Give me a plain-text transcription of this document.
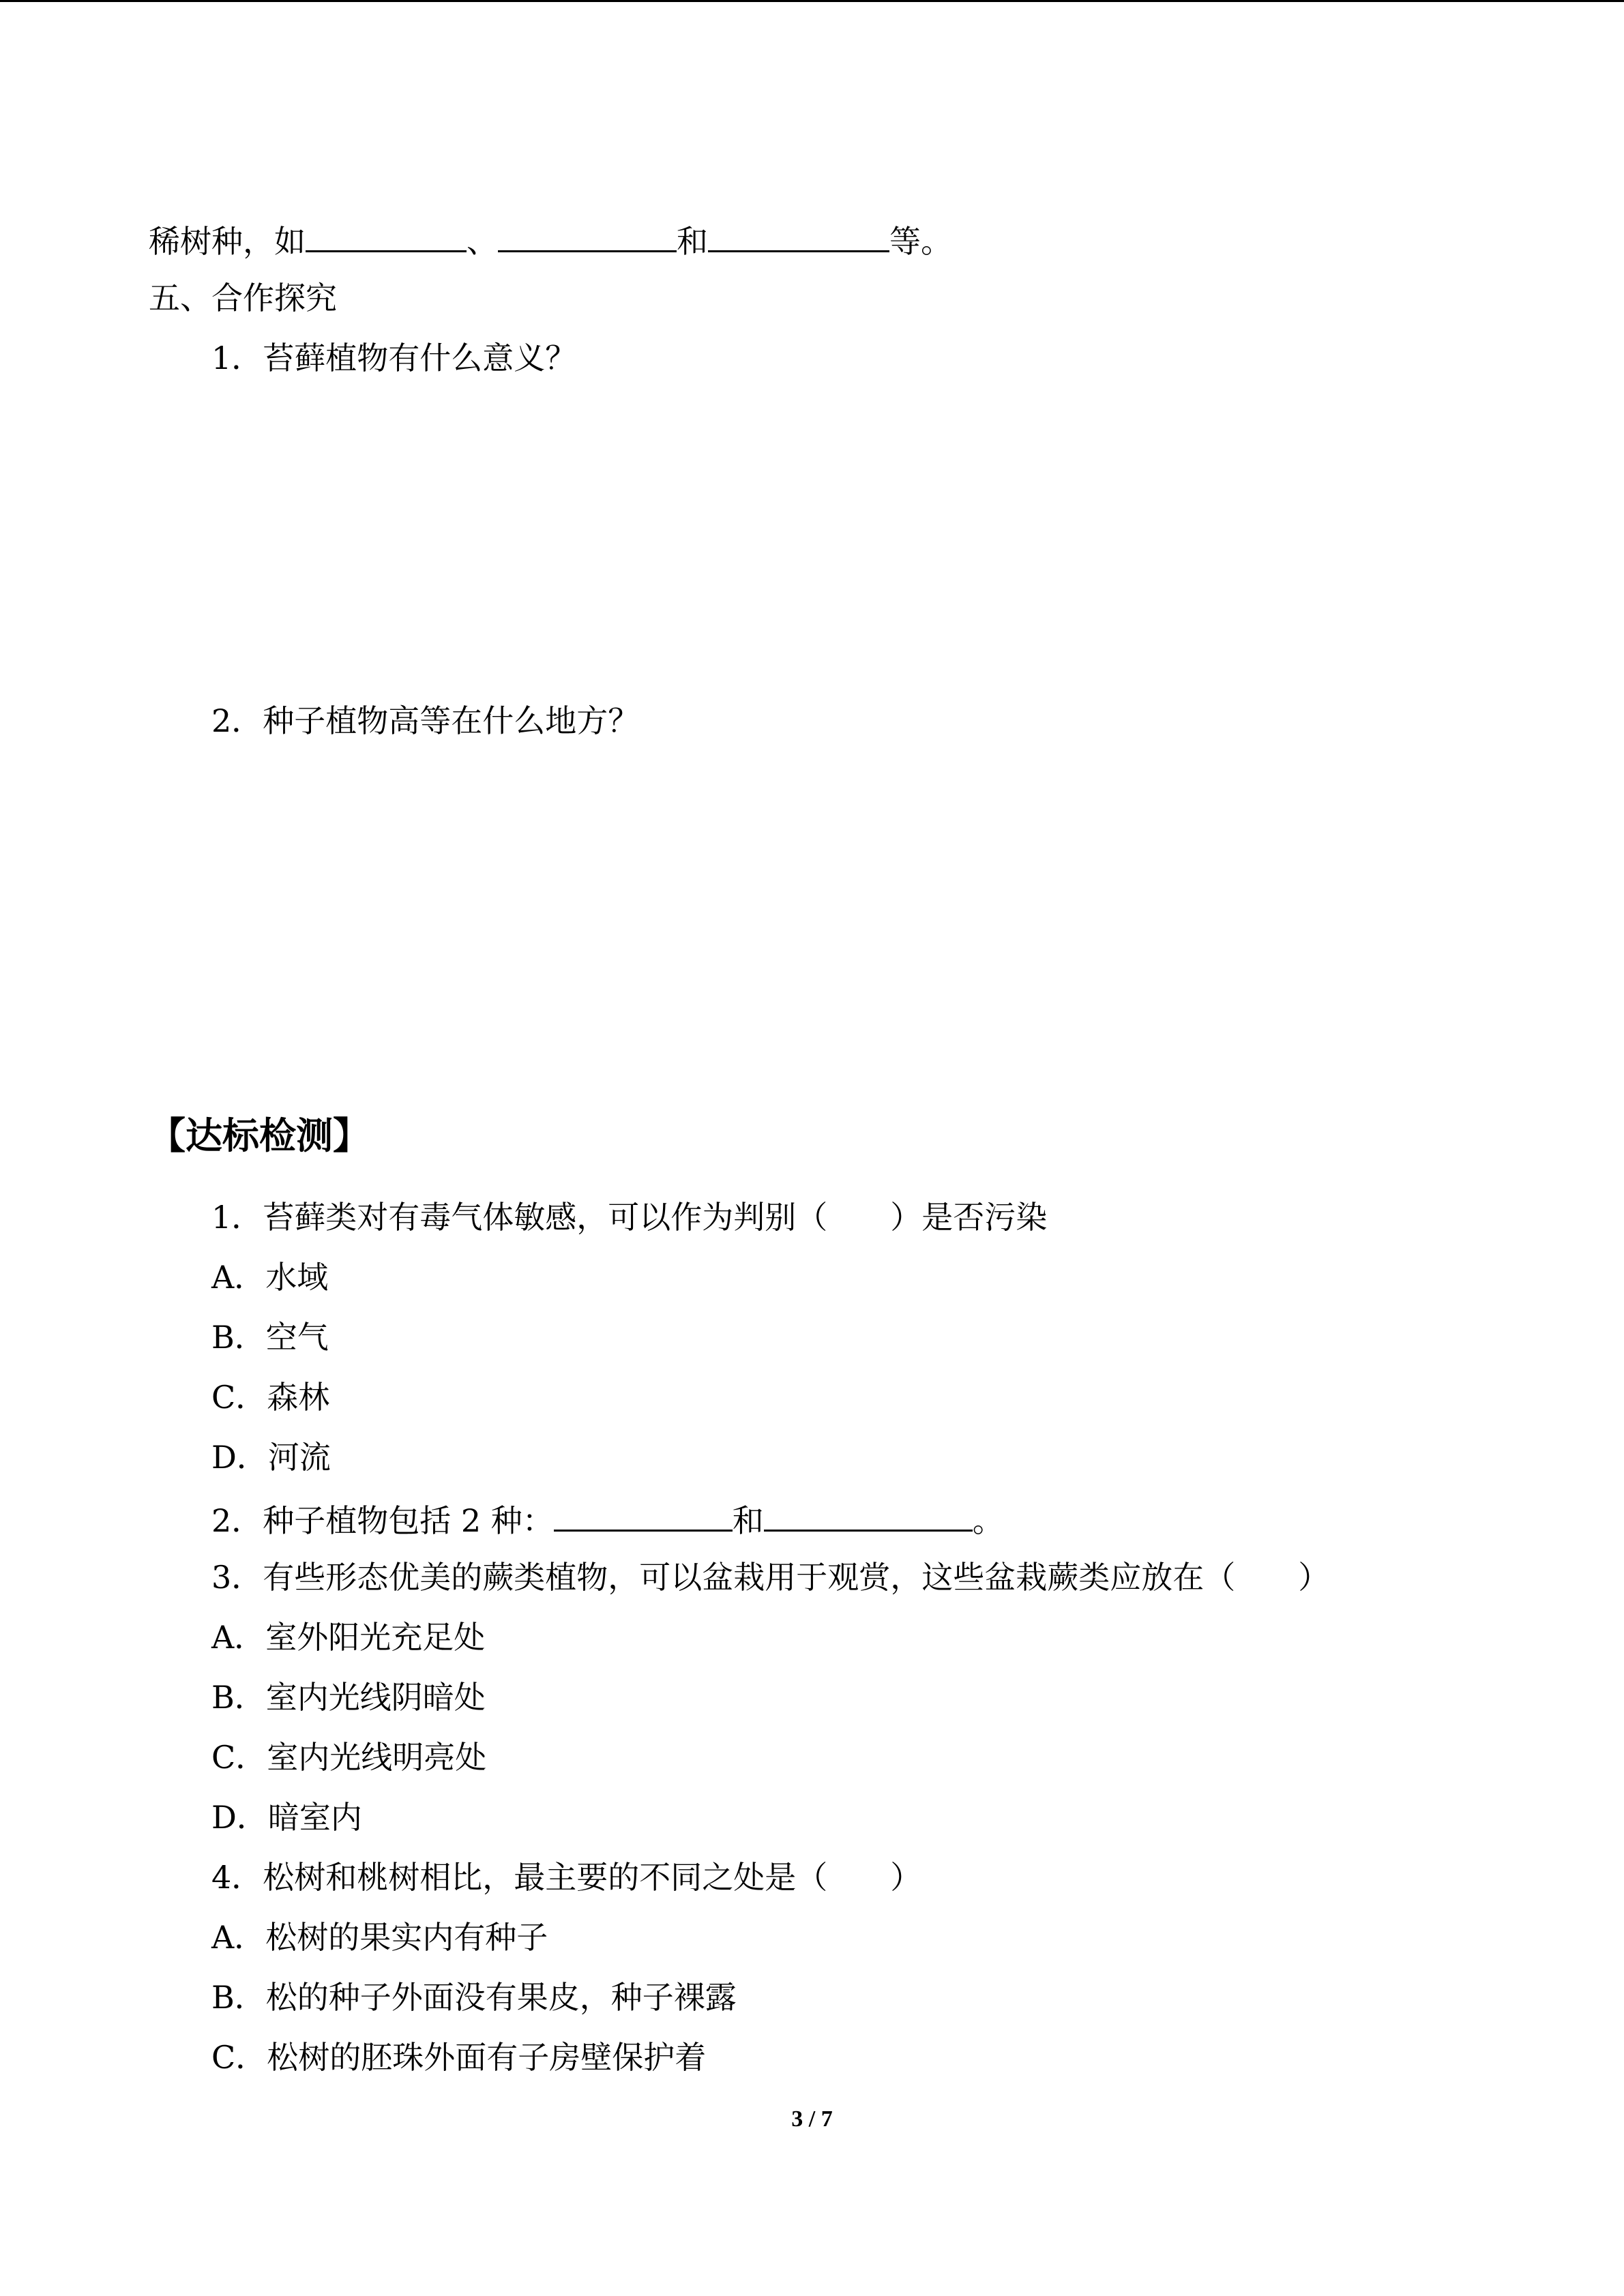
稀树种，如	、	和	等。
五、合作探究
1．苔藓植物有什么意义？
2．种子植物高等在什么地方？
【达标检测】
1．苔藓类对有毒气体敏感，可以作为判别（ ）是否污染
A．水域
B．空气
C．森林
D．河流
2．种子植物包括 2 种：	和	。
3．有些形态优美的蕨类植物，可以盆栽用于观赏，这些盆栽蕨类应放在（ ）
A．室外阳光充足处
B．室内光线阴暗处
C．室内光线明亮处
D．暗室内
4．松树和桃树相比，最主要的不同之处是（ ）
A．松树的果实内有种子
B．松的种子外面没有果皮，种子裸露
C．松树的胚珠外面有子房壁保护着
3 / 7
